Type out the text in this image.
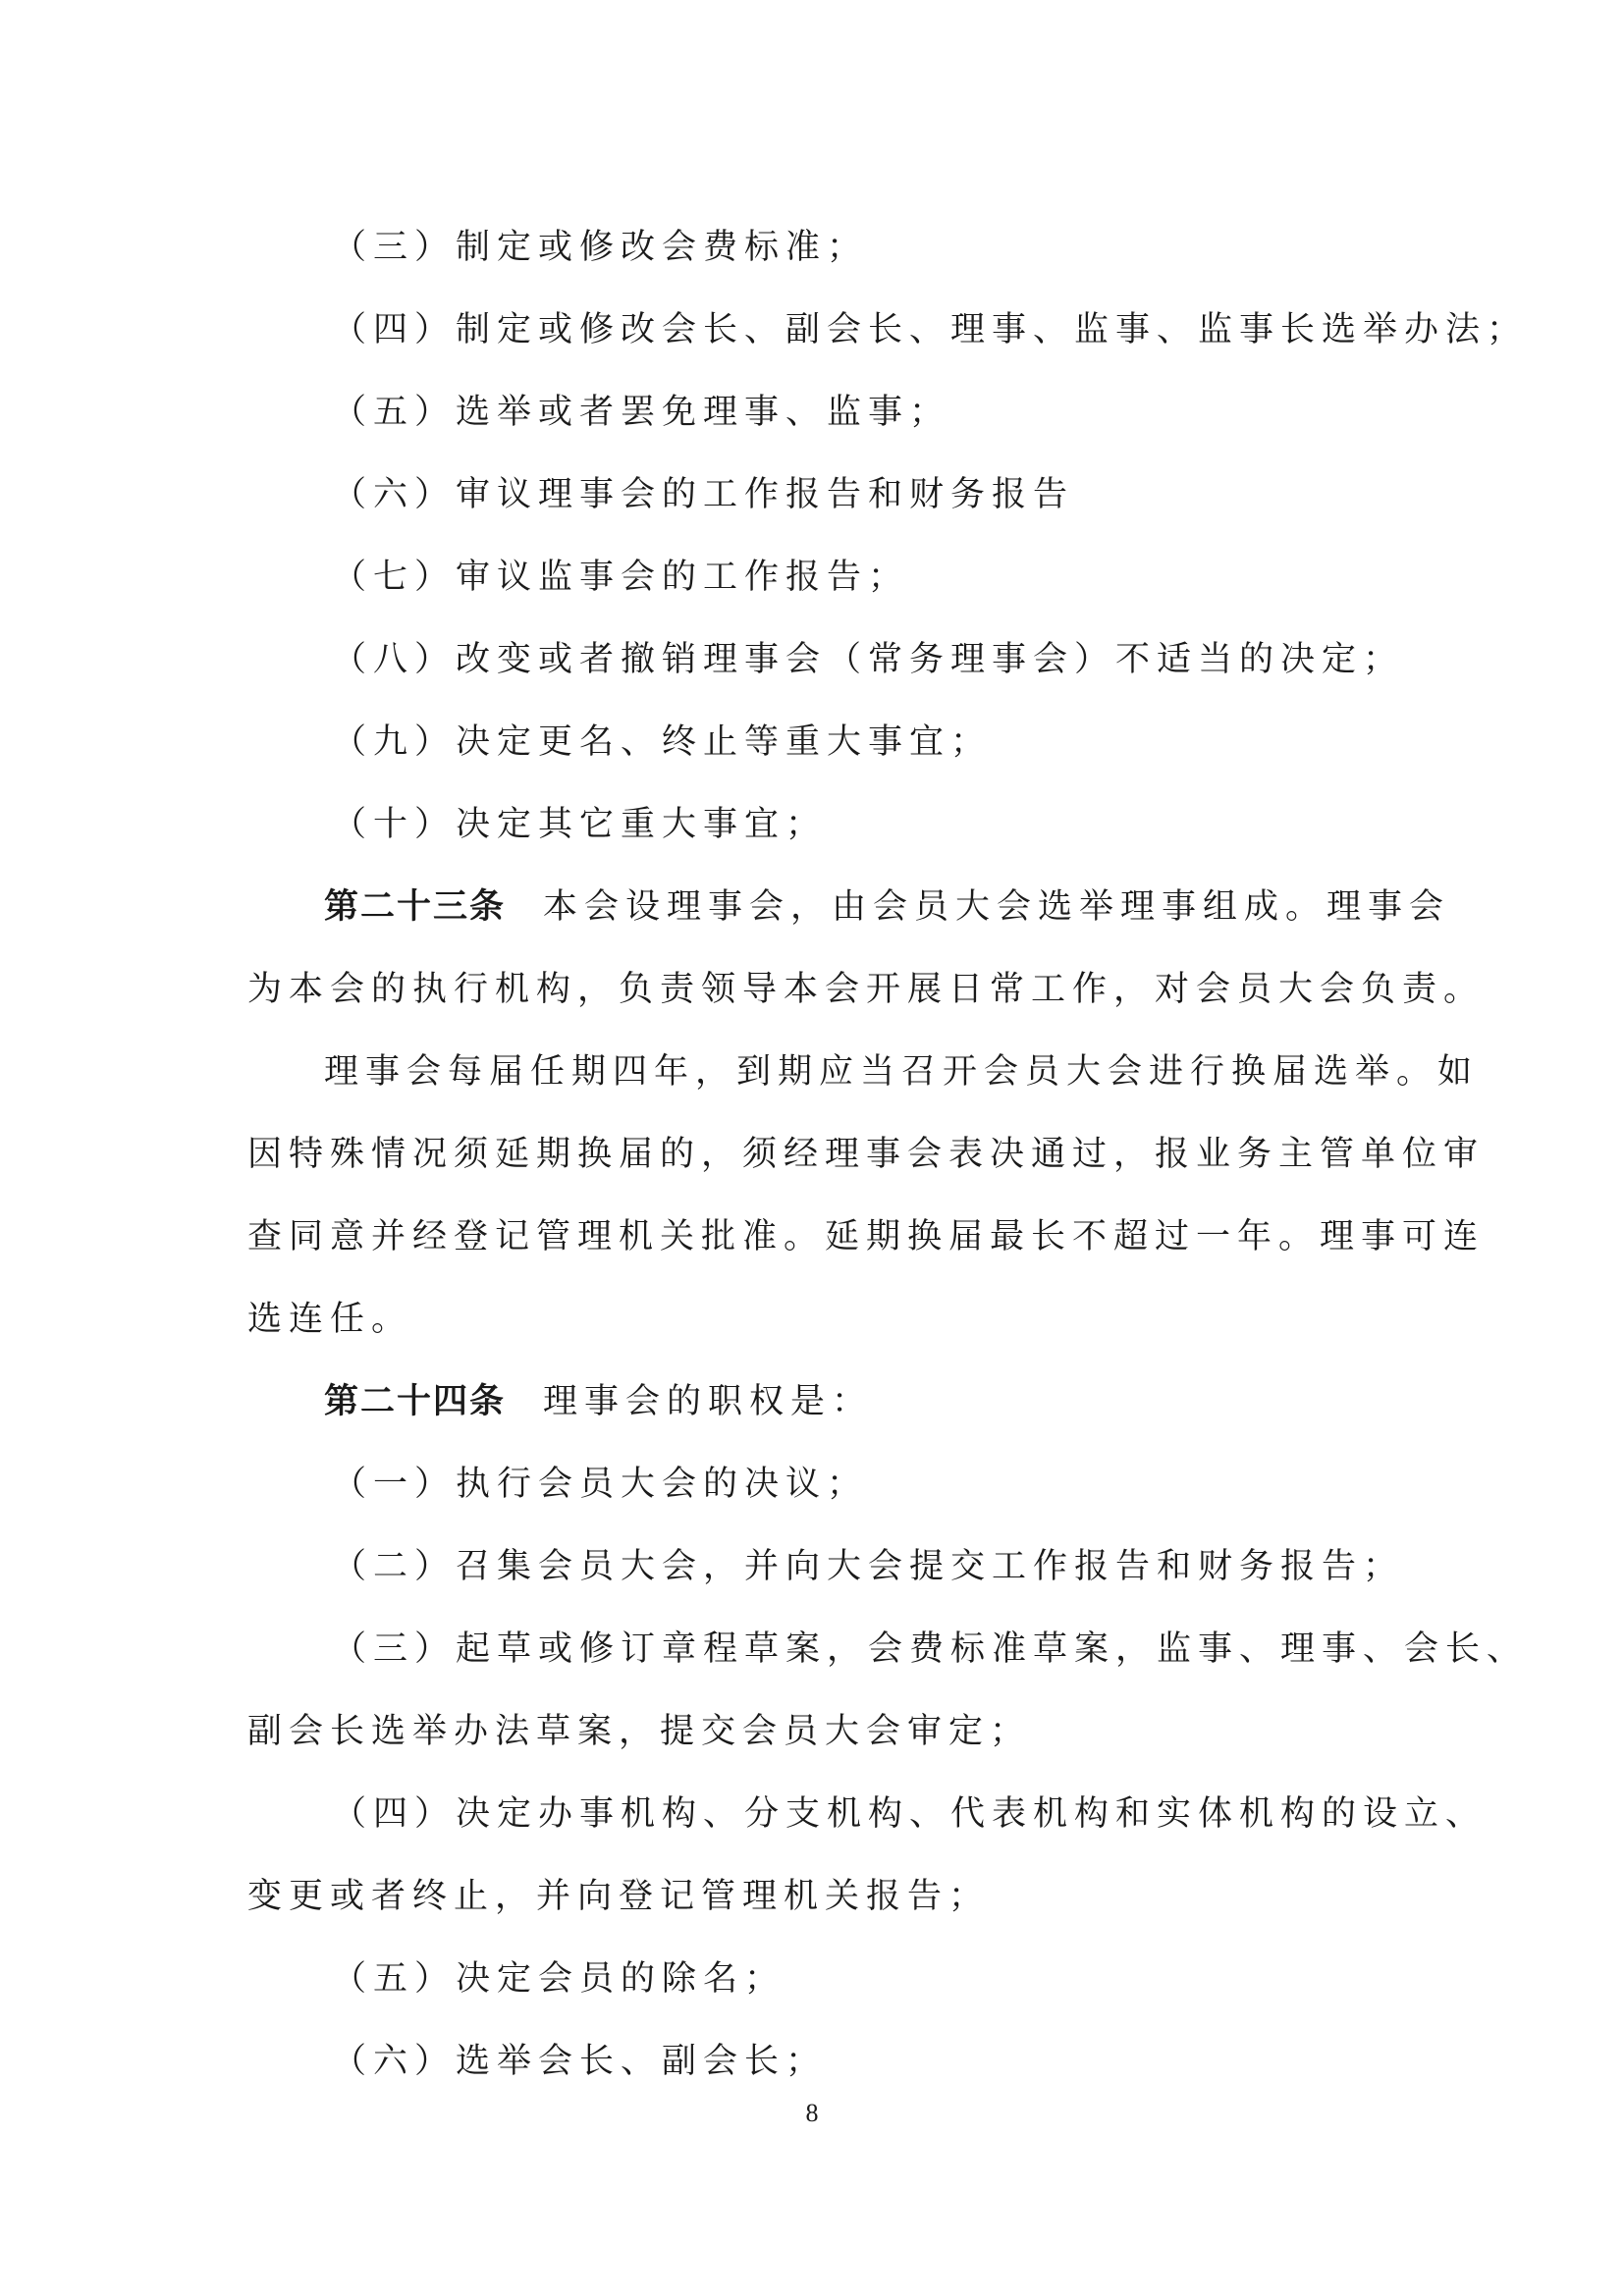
（三）制定或修改会费标准；
（四）制定或修改会长、副会长、理事、监事、监事长选举办法；
（五）选举或者罢免理事、监事；
（六）审议理事会的工作报告和财务报告
（七）审议监事会的工作报告；
（八）改变或者撤销理事会（常务理事会）不适当的决定；
（九）决定更名、终止等重大事宜；
（十）决定其它重大事宜；
第二十三条 本会设理事会，由会员大会选举理事组成。理事会
为本会的执行机构，负责领导本会开展日常工作，对会员大会负责。
理事会每届任期四年，到期应当召开会员大会进行换届选举。如
因特殊情况须延期换届的，须经理事会表决通过，报业务主管单位审
查同意并经登记管理机关批准。延期换届最长不超过一年。理事可连
选连任。
第二十四条 理事会的职权是：
（一）执行会员大会的决议；
（二）召集会员大会，并向大会提交工作报告和财务报告；
（三）起草或修订章程草案，会费标准草案，监事、理事、会长、
副会长选举办法草案，提交会员大会审定；
（四）决定办事机构、分支机构、代表机构和实体机构的设立、
变更或者终止，并向登记管理机关报告；
（五）决定会员的除名；
（六）选举会长、副会长；
8
